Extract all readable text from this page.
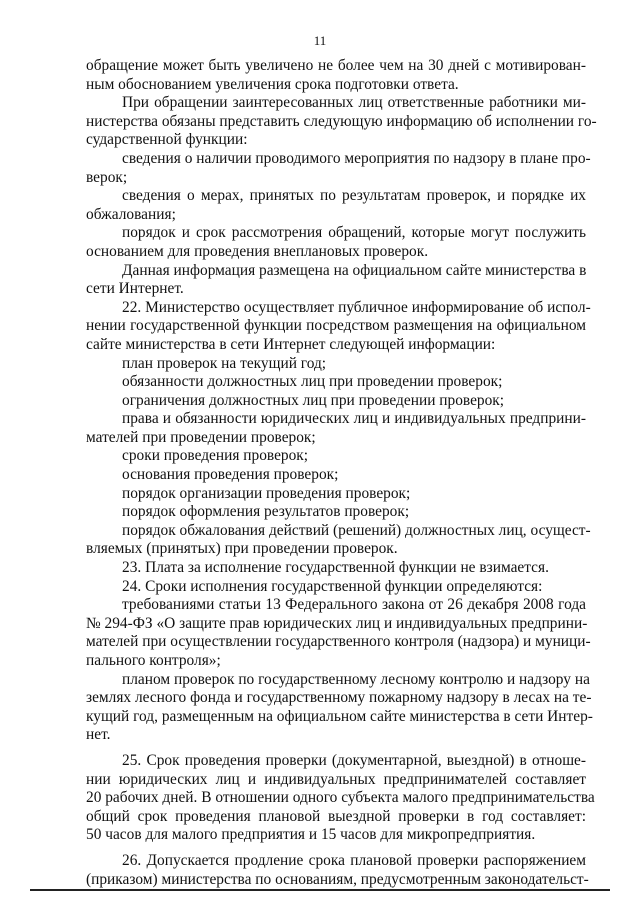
11
обращение может быть увеличено не более чем на 30 дней с мотивирован-
ным обоснованием увеличения срока подготовки ответа.
При обращении заинтересованных лиц ответственные работники ми-
нистерства обязаны представить следующую информацию об исполнении го-
сударственной функции:
сведения о наличии проводимого мероприятия по надзору в плане про-
верок;
сведения о мерах, принятых по результатам проверок, и порядке их
обжалования;
порядок и срок рассмотрения обращений, которые могут послужить
основанием для проведения внеплановых проверок.
Данная информация размещена на официальном сайте министерства в
сети Интернет.
22. Министерство осуществляет публичное информирование об испол-
нении государственной функции посредством размещения на официальном
сайте министерства в сети Интернет следующей информации:
план проверок на текущий год;
обязанности должностных лиц при проведении проверок;
ограничения должностных лиц при проведении проверок;
права и обязанности юридических лиц и индивидуальных предприни-
мателей при проведении проверок;
сроки проведения проверок;
основания проведения проверок;
порядок организации проведения проверок;
порядок оформления результатов проверок;
порядок обжалования действий (решений) должностных лиц, осущест-
вляемых (принятых) при проведении проверок.
23. Плата за исполнение государственной функции не взимается.
24. Сроки исполнения государственной функции определяются:
требованиями статьи 13 Федерального закона от 26 декабря 2008 года
№ 294-ФЗ «О защите прав юридических лиц и индивидуальных предприни-
мателей при осуществлении государственного контроля (надзора) и муници-
пального контроля»;
планом проверок по государственному лесному контролю и надзору на
землях лесного фонда и государственному пожарному надзору в лесах на те-
кущий год, размещенным на официальном сайте министерства в сети Интер-
нет.
25. Срок проведения проверки (документарной, выездной) в отноше-
нии юридических лиц и индивидуальных предпринимателей составляет
20 рабочих дней. В отношении одного субъекта малого предпринимательства
общий срок проведения плановой выездной проверки в год составляет:
50 часов для малого предприятия и 15 часов для микропредприятия.
26. Допускается продление срока плановой проверки распоряжением
(приказом) министерства по основаниям, предусмотренным законодательст-
